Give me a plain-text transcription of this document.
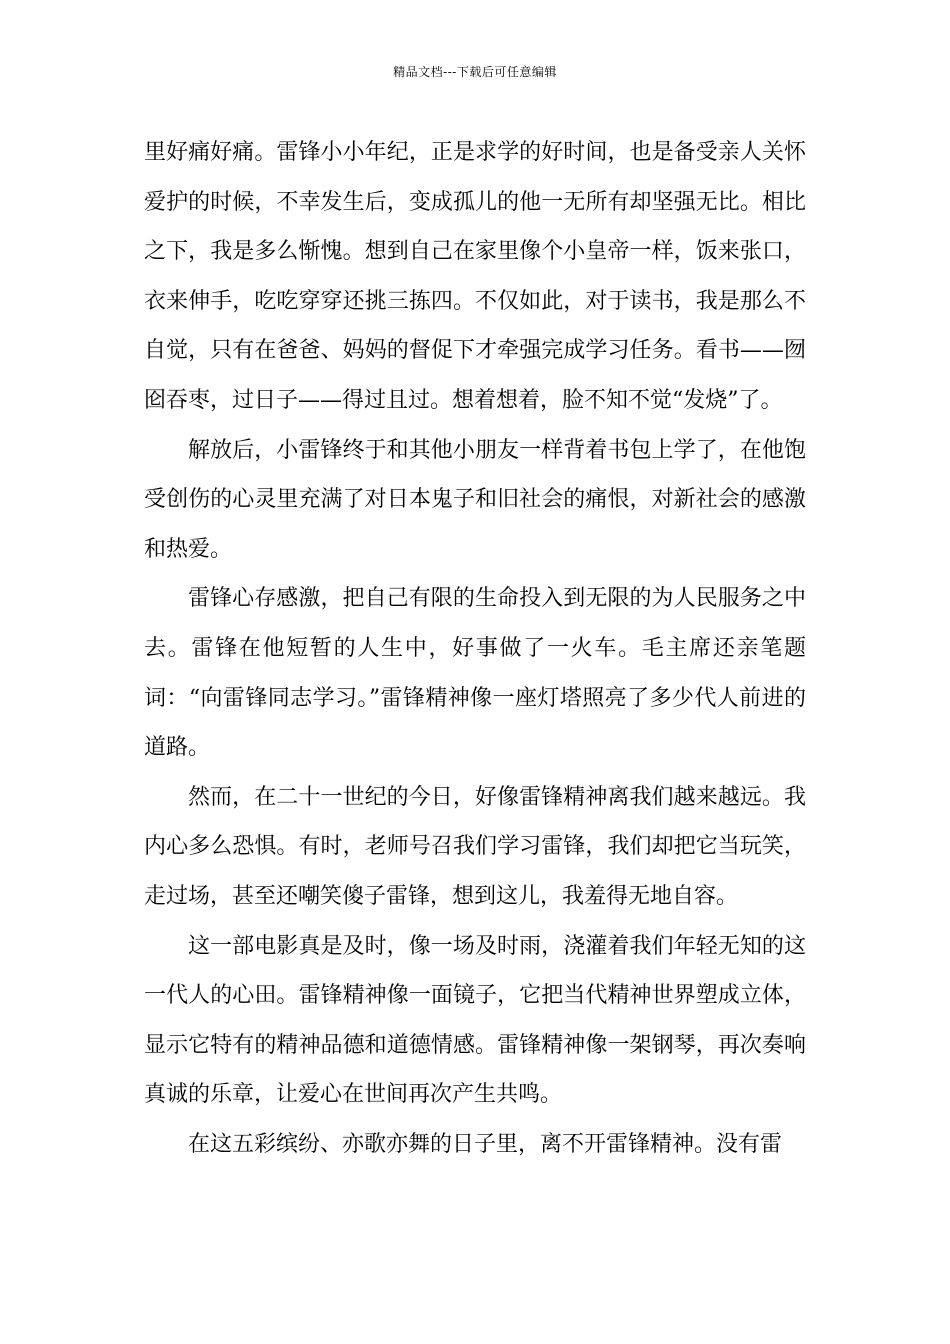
精品文档---下载后可任意编辑

里好痛好痛。雷锋小小年纪，正是求学的好时间，也是备受亲人关怀爱护的时候，不幸发生后，变成孤儿的他一无所有却坚强无比。相比之下，我是多么惭愧。想到自己在家里像个小皇帝一样，饭来张口，衣来伸手，吃吃穿穿还挑三拣四。不仅如此，对于读书，我是那么不自觉，只有在爸爸、妈妈的督促下才牵强完成学习任务。看书——囫囵吞枣，过日子——得过且过。想着想着，脸不知不觉“发烧”了。

解放后，小雷锋终于和其他小朋友一样背着书包上学了，在他饱受创伤的心灵里充满了对日本鬼子和旧社会的痛恨，对新社会的感激和热爱。

雷锋心存感激，把自己有限的生命投入到无限的为人民服务之中去。雷锋在他短暂的人生中，好事做了一火车。毛主席还亲笔题词：“向雷锋同志学习。”雷锋精神像一座灯塔照亮了多少代人前进的道路。

然而，在二十一世纪的今日，好像雷锋精神离我们越来越远。我内心多么恐惧。有时，老师号召我们学习雷锋，我们却把它当玩笑，走过场，甚至还嘲笑傻子雷锋，想到这儿，我羞得无地自容。

这一部电影真是及时，像一场及时雨，浇灌着我们年轻无知的这一代人的心田。雷锋精神像一面镜子，它把当代精神世界塑成立体，显示它特有的精神品德和道德情感。雷锋精神像一架钢琴，再次奏响真诚的乐章，让爱心在世间再次产生共鸣。

在这五彩缤纷、亦歌亦舞的日子里，离不开雷锋精神。没有雷
